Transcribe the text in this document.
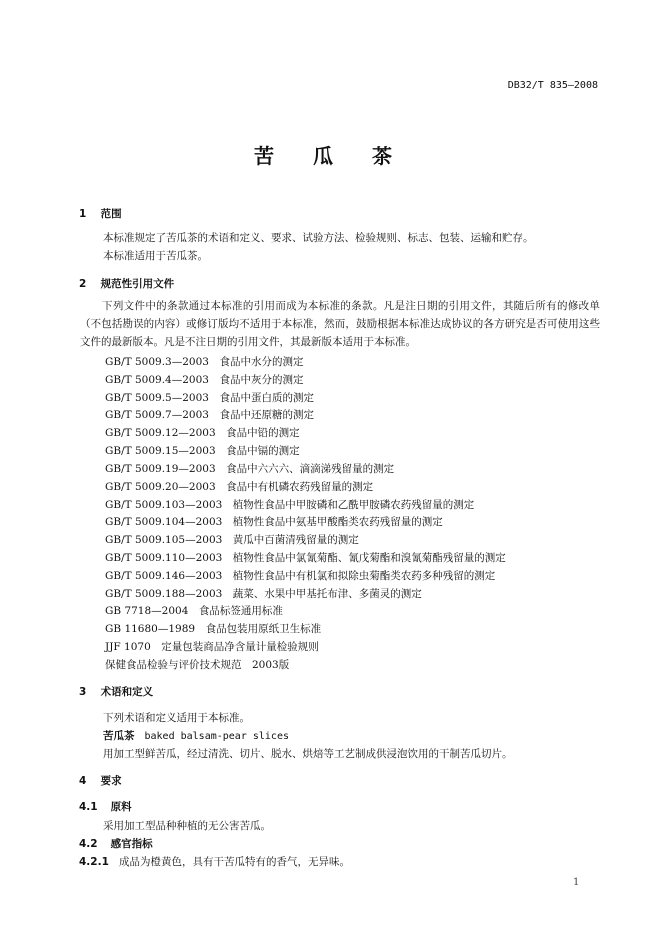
DB32/T 835—2008
苦 瓜 茶
1 范围
本标准规定了苦瓜茶的术语和定义、要求、试验方法、检验规则、标志、包装、运输和贮存。
本标准适用于苦瓜茶。
2 规范性引用文件
下列文件中的条款通过本标准的引用而成为本标准的条款。凡是注日期的引用文件，其随后所有的修改单（不包括勘误的内容）或修订版均不适用于本标准，然而，鼓励根据本标准达成协议的各方研究是否可使用这些文件的最新版本。凡是不注日期的引用文件，其最新版本适用于本标准。
GB/T 5009.3—2003　食品中水分的测定
GB/T 5009.4—2003　食品中灰分的测定
GB/T 5009.5—2003　食品中蛋白质的测定
GB/T 5009.7—2003　食品中还原糖的测定
GB/T 5009.12—2003　食品中铅的测定
GB/T 5009.15—2003　食品中镉的测定
GB/T 5009.19—2003　食品中六六六、滴滴涕残留量的测定
GB/T 5009.20—2003　食品中有机磷农药残留量的测定
GB/T 5009.103—2003　植物性食品中甲胺磷和乙酰甲胺磷农药残留量的测定
GB/T 5009.104—2003　植物性食品中氨基甲酸酯类农药残留量的测定
GB/T 5009.105—2003　黄瓜中百菌清残留量的测定
GB/T 5009.110—2003　植物性食品中氯氰菊酯、氰戊菊酯和溴氰菊酯残留量的测定
GB/T 5009.146—2003　植物性食品中有机氯和拟除虫菊酯类农药多种残留的测定
GB/T 5009.188—2003　蔬菜、水果中甲基托布津、多菌灵的测定
GB 7718—2004　食品标签通用标准
GB 11680—1989　食品包装用原纸卫生标准
JJF 1070　定量包装商品净含量计量检验规则
保健食品检验与评价技术规范　2003版
3 术语和定义
下列术语和定义适用于本标准。
苦瓜茶 baked balsam-pear slices
用加工型鲜苦瓜，经过清洗、切片、脱水、烘焙等工艺制成供浸泡饮用的干制苦瓜切片。
4 要求
4.1 原料
采用加工型品种种植的无公害苦瓜。
4.2 感官指标
4.2.1 成品为橙黄色，具有干苦瓜特有的香气，无异味。
1
